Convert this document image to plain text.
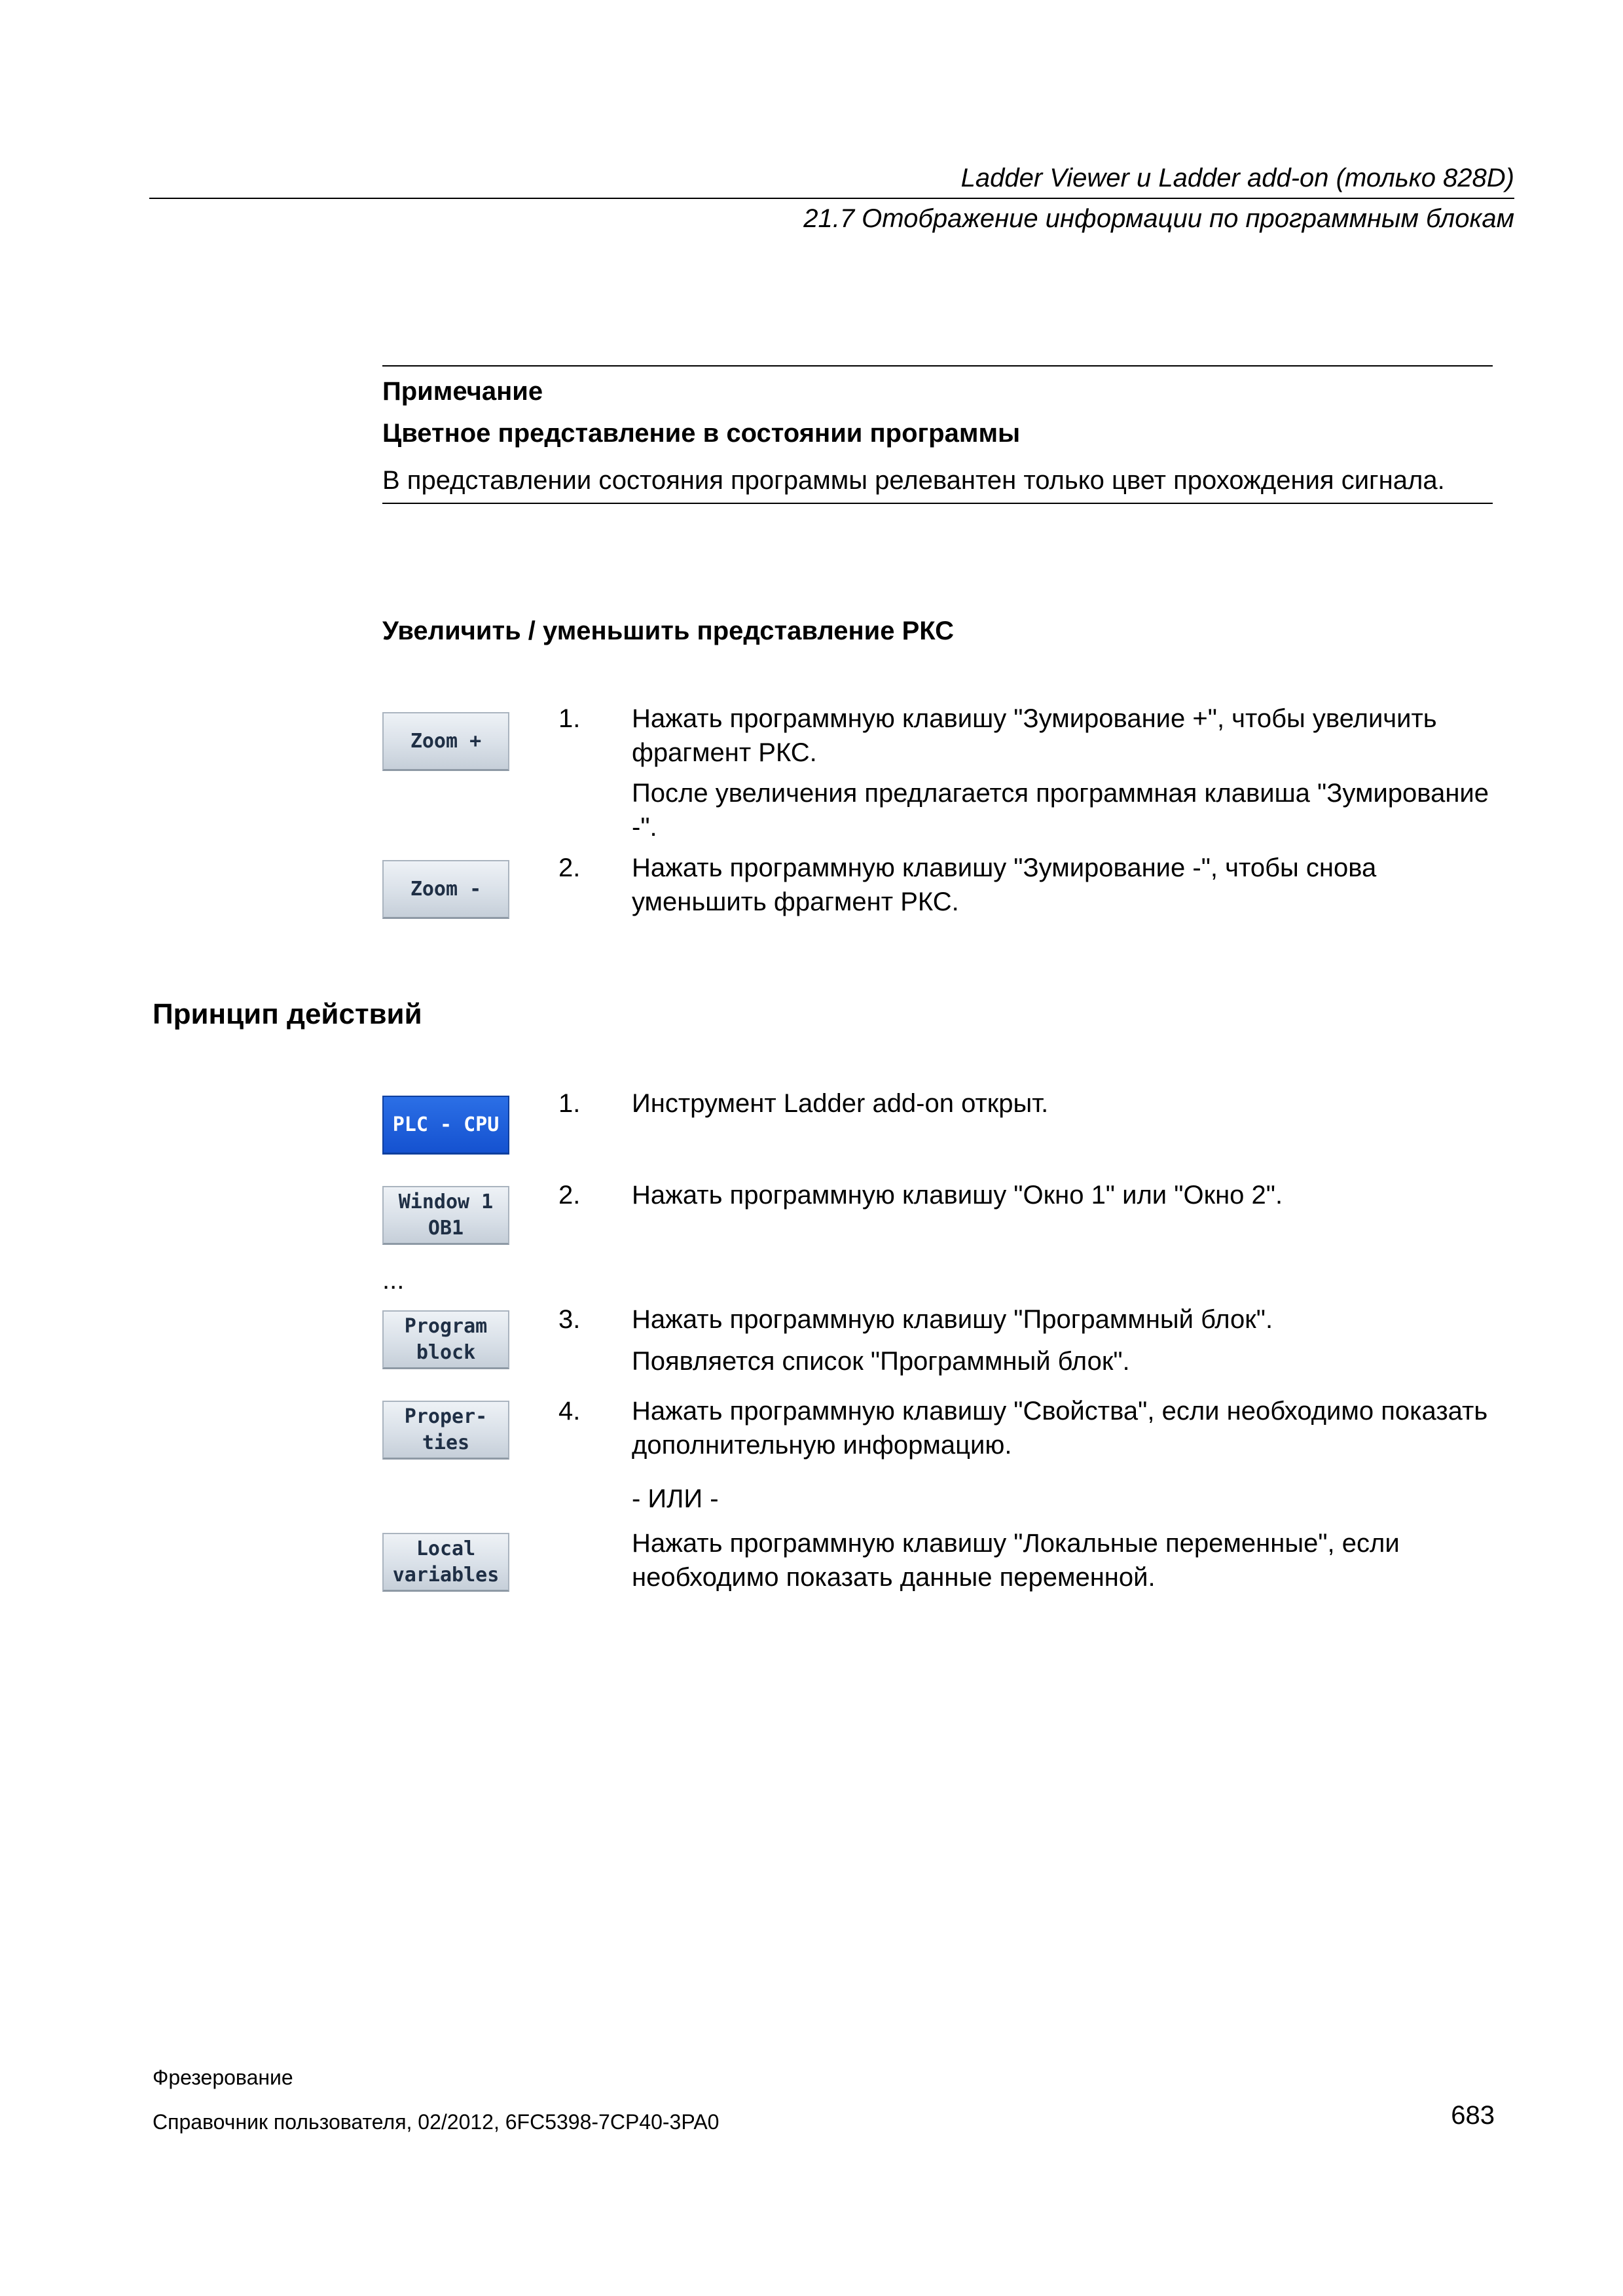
Ladder Viewer и Ladder add-on (только 828D)
21.7 Отображение информации по программным блокам
Примечание
Цветное представление в состоянии программы
В представлении состояния программы релевантен только цвет прохождения сигнала.
Увеличить / уменьшить представление РКС
Zoom +
Zoom -
1.	Нажать программную клавишу "Зумирование +", чтобы увеличить фрагмент РКС.
После увеличения предлагается программная клавиша "Зумирование -".
2.	Нажать программную клавишу "Зумирование -", чтобы снова уменьшить фрагмент РКС.
Принцип действий
PLC - CPU
Window 1
OB1
...
Program
block
Proper-
ties
Local
variables
1.	Инструмент Ladder add-on открыт.
2.	Нажать программную клавишу "Окно 1" или "Окно 2".
3.	Нажать программную клавишу "Программный блок".
Появляется список "Программный блок".
4.	Нажать программную клавишу "Свойства", если необходимо показать дополнительную информацию.
- ИЛИ -
Нажать программную клавишу "Локальные переменные", если необходимо показать данные переменной.
Фрезерование
Справочник пользователя, 02/2012, 6FC5398-7CP40-3PA0	683
